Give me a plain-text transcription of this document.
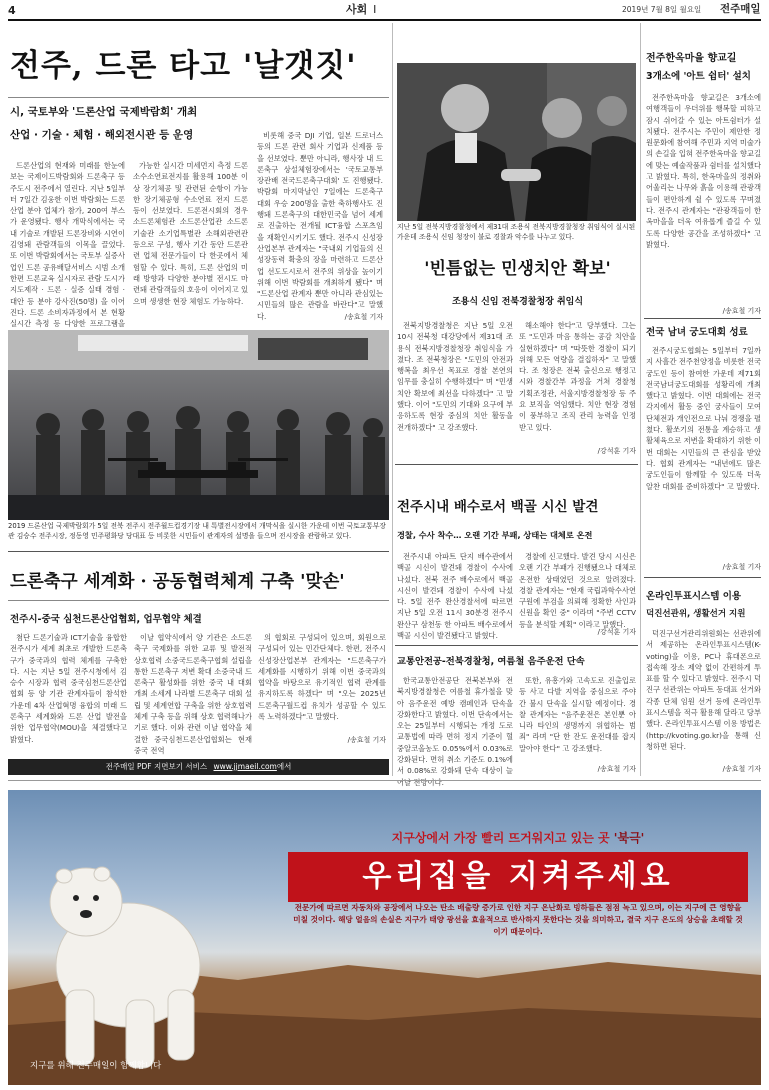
4	사회 I	2019년 7월 8일 월요일 전주매일
전주, 드론 타고 '날갯짓'
시, 국토부와 '드론산업 국제박람회' 개최
산업 · 기술 · 체험 · 해외전시관 등 운영

드론산업의 현재와 미래를 한눈에 보는 국제이드박람회와 드론축구 등 주도시 전주에서 열린다. 지난 5일부터 7일간 김웅한 이번 박람회는 드론산업 분야 업체가 참가, 200여 부스가 운영됐다. 행사 개막식에서는 국내 기술로 개발된 드론장비와 시연이 김영돼 관람객들의 이목을 끌었다. 또 이번 박람회에서는 국토부 실증사업인 드론 공유배달서비스 시범 소개 한편 드론교육 실시자로 관람 도시가 지도제작 · 드론 · 실증 실태 경험 · 대안 등 분야 강사진(50명) 을 이어진다. 드론 소비자과정에서 본 현황 실시간 측정 등 다양한 프로그램을

가능한 실시간 미세먼지 측정 드론 소수소연료전지를 활용해 100분 이상 장기체공 및 관련된 순항이 가능한 장기체공형 수소연료 전지 드론 등이 선보였다. 드론전시회의 경우 소드론체험관 소드론산업관 소드론기술관 소기업특별관 소해외관련관 등으로 구성, 행사 기간 동안 드론관련 업체 전문가들이 다 한곳에서 체험할 수 있다. 특히, 드론 산업의 미래 방향과 다양한 분야별 전시도 마련돼 관람객들의 호응이 이어지고 있으며 생생한 현장 체험도 가능하다.

비롯해 중국 DJI 기업, 일본 드로너스 등의 드론 관련 회사 기업과 신제품 등을 선보였다. 뿐만 아니라, 행사장 내 드론축구 상설체험장에서는 '국토교통부장관배 전국드론축구대회' 도 진행됐다. 박람회 마지막날인 7일에는 드론축구 대회 우승 200명을 출한 축하행사도 진행돼 드론축구의 대한민국을 넘어 세계로 진출하는 전개될 ICT융합 스포츠임을 재확인시키기도 했다. 전주시 신성장산업본부 관계자는 "국내외 기업들의 신성장동력 확충의 장을 마련하고 드론산업 선도도시로서 전주의 위상을 높이기 위해 이번 박람회를 개최하게 됐다" 며 "드론산업 관계자 뿐만 아니라 관심있는 시민들의 많은 관람을 바란다"고 말했다.	/송효철 기자
2019 드론산업 국제박람회가 5일 전북 전주시 전주월드컵경기장 내 특별전시장에서 개막식을 실시한 가운데 이번 국토교통부장관 김승수 전주시장, 정동영 민주평화당 당대표 등 비롯한 시민들이 관계자의 설명을 들으며 전시장을 관람하고 있다.
드론축구 세계화 · 공동협력체계 구축 '맞손'
전주시-중국 심천드론산업협회, 업무협약 체결

첨단 드론기술과 ICT기술을 융합한 전주시가 세계 최초로 개발한 드론축구가 중국과의 협력 체계를 구축한다. 시는 지난 5일 전주시청에서 김승수 시장과 협력 중국심천드론산업협회 등 양 기관 관계자들이 참석한 가운데 4차 산업혁명 융합의 미래 드론축구 세계화와 드론 산업 발전을 위한 업무협약(MOU)을 체결했다고 밝혔다.

이날 협약식에서 양 기관은 소드론축구 국제화를 위한 교류 및 발전적 상호협력 소중국드론축구협회 설립을 통한 드론축구 저변 확대 소중국내 드론축구 활성화를 위한 중국 내 대회 개최 소세계 나라별 드론축구 대회 설립 및 세계연합 구축을 위한 상호협력체계 구축 등을 위해 상호 협력해나가기로 했다. 이와 관련 이날 협약을 체결한 중국심천드론산업협회는 현재 중국 전역

의 협회로 구성되어 있으며, 회원으로 구성되어 있는 민간단체다. 한편, 전주시 신성장산업본부 관계자는 "드론축구가 세계화를 시행하기 위해 이번 중국과의 협약을 바탕으로 유기적인 협력 관계를 유지하도록 하겠다" 며 "오는 2025년 드론축구월드컵 유치가 성공할 수 있도록 노력하겠다"고 말했다.

/송효철 기자
전주매일 PDF 지면보기 서비스 www.jjmaeil.com에서
지난 5일 전북지방경찰청에서 제31대 조용식 전북지방경찰청장 취임식이 실시된 가운데 조용식 신임 청장이 불로 경찰과 악수를 나누고 있다.
'빈틈없는 민생치안 확보'
조용식 신임 전북경찰청장 취임식

전북지방경찰청은 지난 5일 오전 10시 전북청 대강당에서 제31대 조용식 전북지방경찰청장 취임식을 가졌다. 조 전북청장은 "도민의 안전과 행복을 최우선 목표로 경찰 본연의 임무를 충실히 수행하겠다" 며 "민생 치안 확보에 최선을 다하겠다" 고 말했다. 이어 "도민의 기대와 요구에 부응하도록 현장 중심의 치안 활동을 전개하겠다" 고 강조했다.

해소해야 한다"고 당부했다. 그는 또 "도민과 마음 통하는 공감 치안을 실현하겠다" 며 "따뜻한 경찰이 되기 위해 모든 역량을 결집하자" 고 말했다. 조 청장은 전북 출신으로 행정고시와 경찰간부 과정을 거쳐 경찰청 기획조정관, 서울지방경찰청장 등 주요 보직을 역임했다. 치안 현장 경험이 풍부하고 조직 관리 능력을 인정받고 있다.

/강석훈 기자
전주시내 배수로서 백골 시신 발견
경찰, 수사 착수… 오랜 기간 부패, 상태는 대체로 온전

전주시내 아파트 단지 배수관에서 백골 시신이 발견돼 경찰이 수사에 나섰다. 전북 전주 배수로에서 백골 시신이 발견돼 경찰이 수사에 나섰다. 5일 전주 완산경찰서에 따르면 지난 5일 오전 11시 30분경 전주시 완산구 삼천동 한 아파트 배수로에서 백골 시신이 발견됐다고 밝혔다.

경찰에 신고했다. 발견 당시 시신은 오랜 기간 부패가 진행됐으나 대체로 온전한 상태였던 것으로 알려졌다. 경찰 관계자는 "현재 국립과학수사연구원에 부검을 의뢰해 정확한 사인과 신원을 확인 중" 이라며 "주변 CCTV 등을 분석할 계획" 이라고 말했다.

/강석훈 기자
교통안전공-전북경찰청, 여름철 음주운전 단속

한국교통안전공단 전북본부와 전북지방경찰청은 여름철 휴가철을 맞아 음주운전 예방 캠페인과 단속을 강화한다고 밝혔다. 이번 단속에서는 오는 25일부터 시행되는 개정 도로교통법에 따라 면허 정지 기준이 혈중알코올농도 0.05%에서 0.03%로 강화된다. 면허 취소 기준도 0.1%에서 0.08%로 강화돼 단속 대상이 늘어날 전망이다.

또한, 유흥가와 고속도로 진출입로 등 사고 다발 지역을 중심으로 주야간 불시 단속을 실시할 예정이다. 경찰 관계자는 "음주운전은 본인뿐 아니라 타인의 생명까지 위협하는 범죄" 라며 "단 한 잔도 운전대를 잡지 말아야 한다" 고 강조했다.

/송효철 기자
전주한옥마을 향교길
3개소에 '아트 쉼터' 설치

전주한옥마을 향교길은 3개소에 여행객들이 우더위를 행복할 피하고 잠시 쉬어갈 수 있는 아트쉼터가 설치됐다. 전주시는 주민이 제안한 정원문화에 참여해 주민과 지역 미술가의 손길을 입혀 전주한옥마을 향교길에 맞는 예술작품과 쉼터를 설치했다고 밝혔다. 특히, 한옥마을의 정취와 어울리는 나무와 흙을 이용해 관광객들이 편안하게 쉴 수 있도록 꾸며졌다. 전주시 관계자는 "관광객들이 한옥마을을 더욱 여유롭게 즐길 수 있도록 다양한 공간을 조성하겠다" 고 밝혔다.

/송효철 기자
전국 남녀 궁도대회 성료

전주시궁도협회는 5일부터 7일까지 사흘간 전주천양정을 비롯한 전국 궁도인 등이 참여한 가운데 제71회 전국남녀궁도대회를 성황리에 개최했다고 밝혔다. 이번 대회에는 전국 각지에서 활동 중인 궁사들이 모여 단체전과 개인전으로 나눠 경쟁을 펼쳤다. 활쏘기의 전통을 계승하고 생활체육으로 저변을 확대하기 위한 이번 대회는 시민들의 큰 관심을 받았다. 협회 관계자는 "내년에도 많은 궁도인들이 함께할 수 있도록 더욱 알찬 대회를 준비하겠다" 고 말했다.

/송효철 기자
온라인투표시스템 이용
덕진선관위, 생활선거 지원

덕진구선거관리위원회는 선관위에서 제공하는 온라인투표시스템(K-voting)을 이용, PC나 휴대폰으로 접속해 장소 제약 없이 간편하게 투표를 할 수 있다고 밝혔다. 전주시 덕진구 선관위는 아파트 동대표 선거와 각종 단체 임원 선거 등에 온라인투표시스템을 적극 활용해 달라고 당부했다. 온라인투표시스템 이용 방법은 (http://kvoting.go.kr)을 통해 신청하면 된다.

/송효철 기자
지구상에서 가장 빨리 뜨거워지고 있는 곳 '북극'
우리집을 지켜주세요
전문가에 따르면 자동차와 공장에서 나오는 탄소 배출량 증가로 인한 지구 온난화로 빙하들은 점점 녹고 있으며, 이는 지구에 큰 영향을 미칠 것이다. 해당 얼음의 손실은 지구가 태양 광선을 효율적으로 반사하지 못한다는 것을 의미하고, 결국 지구 온도의 상승을 초래할 것이기 때문이다.
지구를 위해 전주매일이 함께합니다
